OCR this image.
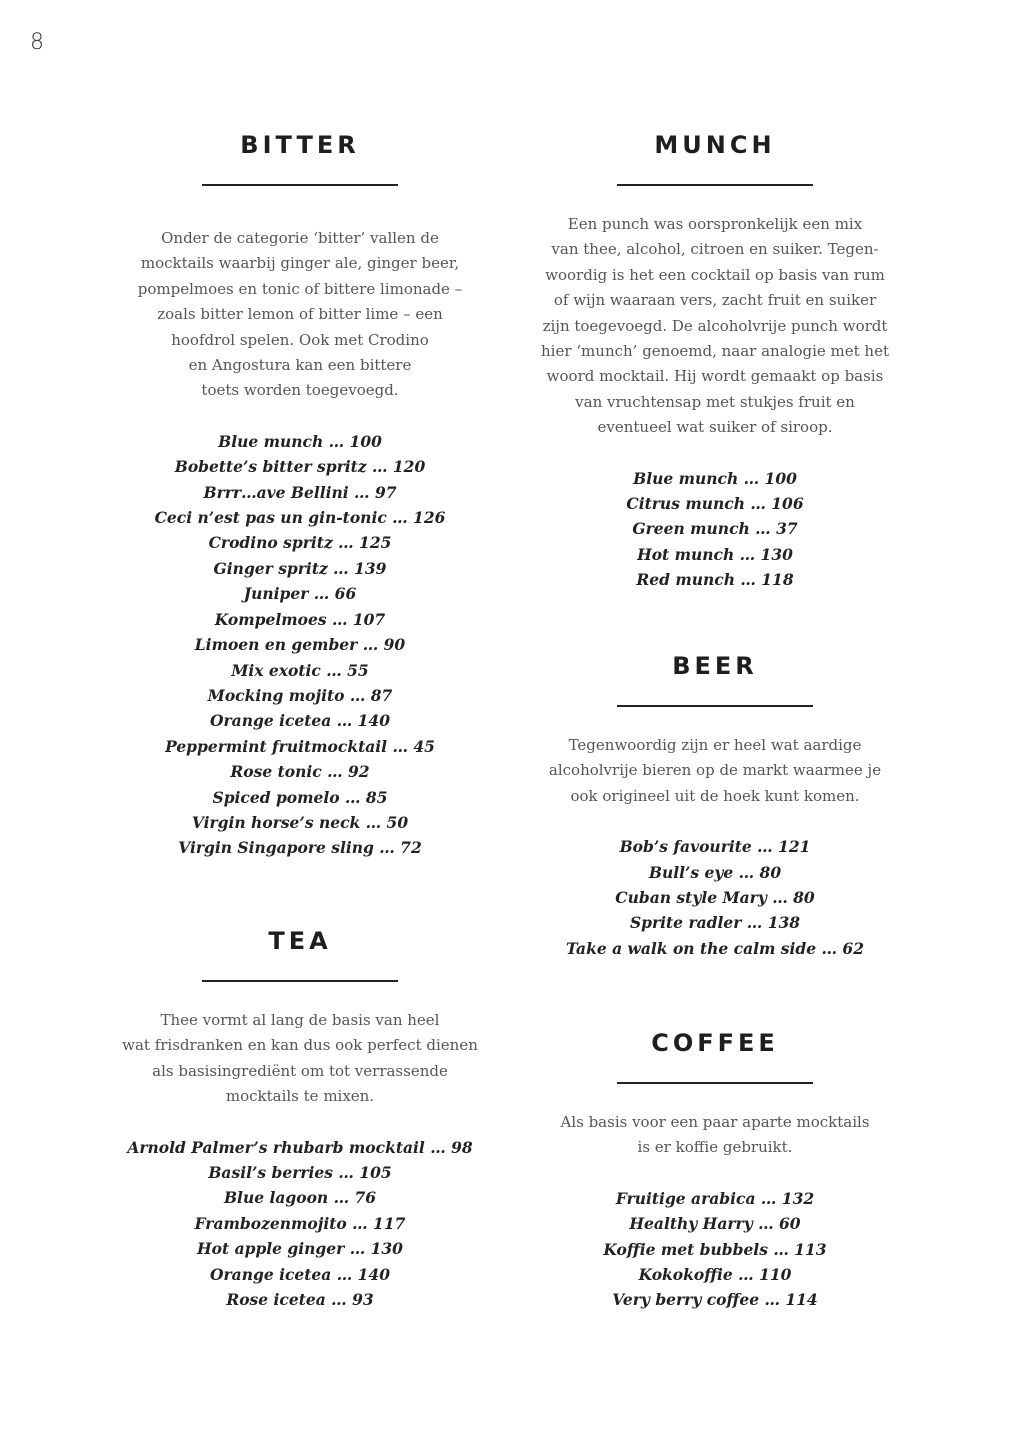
8
BITTER
Onder de categorie ‘bitter’ vallen de
mocktails waarbij ginger ale, ginger beer,
pompelmoes en tonic of bittere limonade –
zoals bitter lemon of bitter lime – een
hoofdrol spelen. Ook met Crodino
en Angostura kan een bittere
toets worden toegevoegd.
Blue munch … 100
Bobette’s bitter spritz … 120
Brrr…ave Bellini … 97
Ceci n’est pas un gin-tonic … 126
Crodino spritz … 125
Ginger spritz … 139
Juniper … 66
Kompelmoes … 107
Limoen en gember … 90
Mix exotic … 55
Mocking mojito … 87
Orange icetea … 140
Peppermint fruitmocktail … 45
Rose tonic … 92
Spiced pomelo … 85
Virgin horse’s neck … 50
Virgin Singapore sling … 72
TEA
Thee vormt al lang de basis van heel
wat frisdranken en kan dus ook perfect dienen
als basisingrediënt om tot verrassende
mocktails te mixen.
Arnold Palmer’s rhubarb mocktail … 98
Basil’s berries … 105
Blue lagoon … 76
Frambozenmojito … 117
Hot apple ginger … 130
Orange icetea … 140
Rose icetea … 93
MUNCH
Een punch was oorspronkelijk een mix
van thee, alcohol, citroen en suiker. Tegen-
woordig is het een cocktail op basis van rum
of wijn waaraan vers, zacht fruit en suiker
zijn toegevoegd. De alcoholvrije punch wordt
hier ‘munch’ genoemd, naar analogie met het
woord mocktail. Hij wordt gemaakt op basis
van vruchtensap met stukjes fruit en
eventueel wat suiker of siroop.
Blue munch … 100
Citrus munch … 106
Green munch … 37
Hot munch … 130
Red munch … 118
BEER
Tegenwoordig zijn er heel wat aardige
alcoholvrije bieren op de markt waarmee je
ook origineel uit de hoek kunt komen.
Bob’s favourite … 121
Bull’s eye … 80
Cuban style Mary … 80
Sprite radler … 138
Take a walk on the calm side … 62
COFFEE
Als basis voor een paar aparte mocktails
is er koffie gebruikt.
Fruitige arabica … 132
Healthy Harry … 60
Koffie met bubbels … 113
Kokokoffie … 110
Very berry coffee … 114
